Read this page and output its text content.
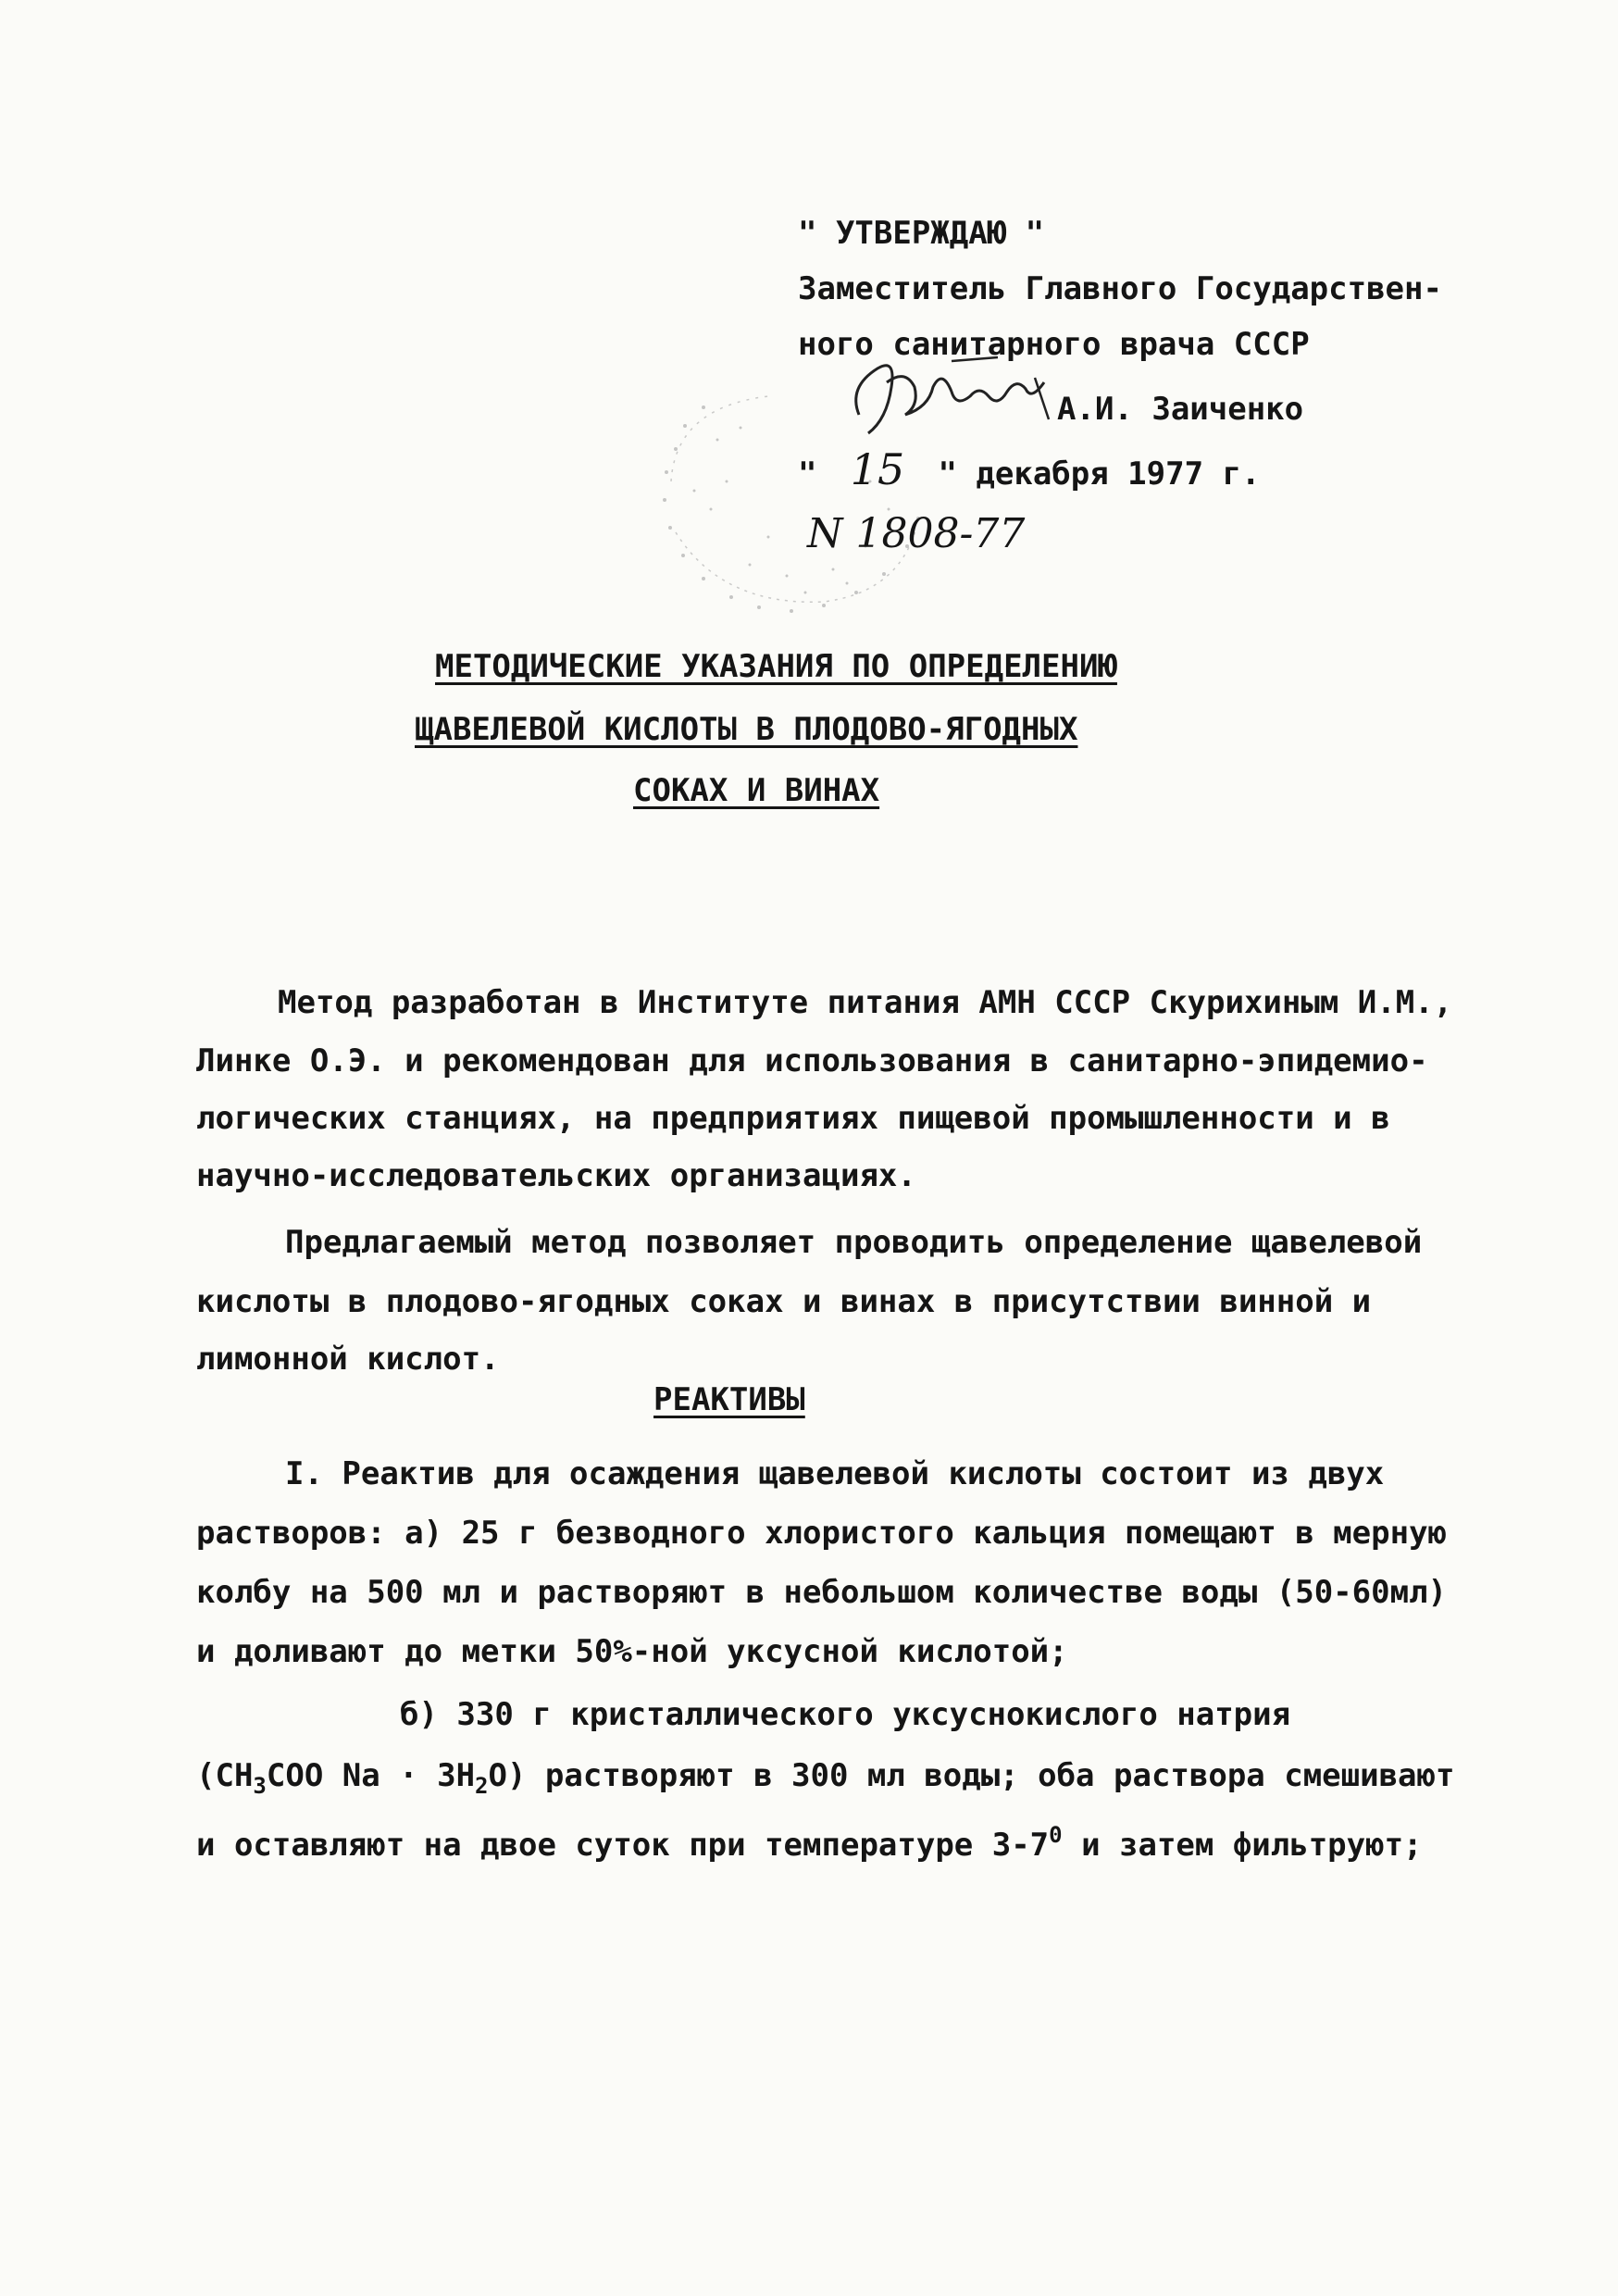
" УТВЕРЖДАЮ "
Заместитель Главного Государствен-
ного санитарного врача СССР
А.И. Заиченко
" 15 " декабря 1977 г.
N 1808-77
МЕТОДИЧЕСКИЕ УКАЗАНИЯ ПО ОПРЕДЕЛЕНИЮ
ЩАВЕЛЕВОЙ КИСЛОТЫ В ПЛОДОВО-ЯГОДНЫХ
СОКАХ И ВИНАХ
Метод разработан в Институте питания АМН СССР Скурихиным И.М.,
Линке О.Э. и рекомендован для использования в санитарно-эпидемио-
логических станциях, на предприятиях пищевой промышленности и в
научно-исследовательских организациях.
Предлагаемый метод позволяет проводить определение щавелевой
кислоты в плодово-ягодных соках и винах в присутствии винной и
лимонной кислот.
РЕАКТИВЫ
I. Реактив для осаждения щавелевой кислоты состоит из двух
растворов: а) 25 г безводного хлористого кальция помещают в мерную
колбу на 500 мл и растворяют в небольшом количестве воды (50-60мл)
и доливают до метки 50%-ной уксусной кислотой;
б) 330 г кристаллического уксуснокислого натрия
($CH_3COO$ $Na \cdot 3H_2O$) растворяют в 300 мл воды; оба раствора смешивают
и оставляют на двое суток при температуре $3-7^0$ и затем фильтруют;
